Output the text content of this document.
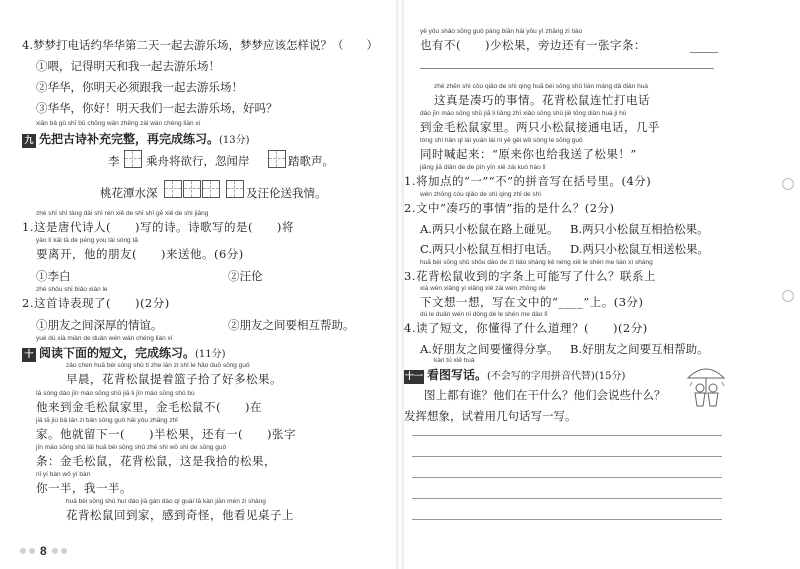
4.梦梦打电话约华华第二天一起去游乐场，梦梦应该怎样说？（　　）
①喂，记得明天和我一起去游乐场！
②华华，你明天必须跟我一起去游乐场！
③华华，你好！明天我们一起去游乐场，好吗？
xiān bǎ gǔ shī bǔ chōng wán zhěng zài wán chéng liàn xí
九 先把古诗补充完整，再完成练习。(13分)
李 乘舟将欲行，忽闻岸	踏歌声。
桃花潭水深	及汪伦送我情。
zhè shī shì táng dài shī rén xiě de shī shī gē xiě de shì jiāng
1.这是唐代诗人(　　)写的诗。诗歌写的是(　　)将
yào lí kāi tā de péng you lái sòng tā
要离开，他的朋友(　　)来送他。(6分)
①李白	②汪伦
zhè shǒu shī biǎo xiàn le
2.这首诗表现了(　　)(2分)
①朋友之间深厚的情谊。	②朋友之间要相互帮助。
yuè dú xià miàn de duǎn wén wán chéng liàn xí
十 阅读下面的短文，完成练习。(11分)
zǎo chen huā bèi sōng shǔ tí zhe lán zi shí le hǎo duō sōng guǒ
早晨，花背松鼠提着篮子拾了好多松果。
tā sòng dào jīn máo sōng shǔ jiā li jīn máo sōng shǔ bú
他来到金毛松鼠家里，金毛松鼠不(　　)在
jiā tā jiù bǎ lán zi bǎn sōng guǒ hái yǒu zhāng zhǐ
家。他就留下一(　　)半松果，还有一(　　)张字
jīn máo sōng shǔ lǎi huā bèi sōng shǔ zhè shì wǒ shí de sōng guǒ
条：金毛松鼠，花背松鼠，这是我拾的松果，
nǐ yí bàn wǒ yí bàn
你一半，我一半。
huā bèi sōng shǔ huí dào jiā gǎn dào qí guài tā kàn jiàn mén zi shàng
花背松鼠回到家，感到奇怪，他看见桌子上
8
yě yǒu shǎo sōng guǒ páng biān hái yǒu yì zhāng zì tiáo
也有不(　　)少松果，旁边还有一张字条：
zhè zhēn shì còu qiǎo de shì qing huā bèi sōng shǔ lián máng dǎ diàn huà
这真是凑巧的事情。花背松鼠连忙打电话
dào jīn máo sōng shǔ jiā li liǎng zhī xiǎo sōng shǔ jiē tōng diàn huà jǐ hū
到金毛松鼠家里。两只小松鼠接通电话，几乎
tóng shí hǎn qǐ lái yuán lái nǐ yě gěi wǒ sòng le sōng guǒ
同时喊起来：“原来你也给我送了松果！”
jiāng jiā diǎn de de pīn yīn xiě zài kuò hào lǐ
1.将加点的“一”“不”的拼音写在括号里。(4分)
wén zhōng còu qiǎo de shì qing zhǐ de shì
2.文中“凑巧的事情”指的是什么？(2分)
A.两只小松鼠在路上碰见。 B.两只小松鼠互相拾松果。
C.两只小松鼠互相打电话。 D.两只小松鼠互相送松果。
huā bèi sōng shǔ shōu dào de zì tiáo shàng kě néng xiě le shén me lián xì shàng
3.花背松鼠收到的字条上可能写了什么？联系上
xià wén xiǎng yi xiǎng xiě zài wén zhōng de
下文想一想，写在文中的“____”上。(3分)
dú le duǎn wén nǐ dǒng dé le shén me dào lǐ
4.读了短文，你懂得了什么道理？(　　)(2分)
A.好朋友之间要懂得分享。 B.好朋友之间要互相帮助。
kàn tú xiě huà
十一 看图写话。(不会写的字用拼音代替)(15分)
图上都有谁？他们在干什么？他们会说些什么？
发挥想象，试着用几句话写一写。
